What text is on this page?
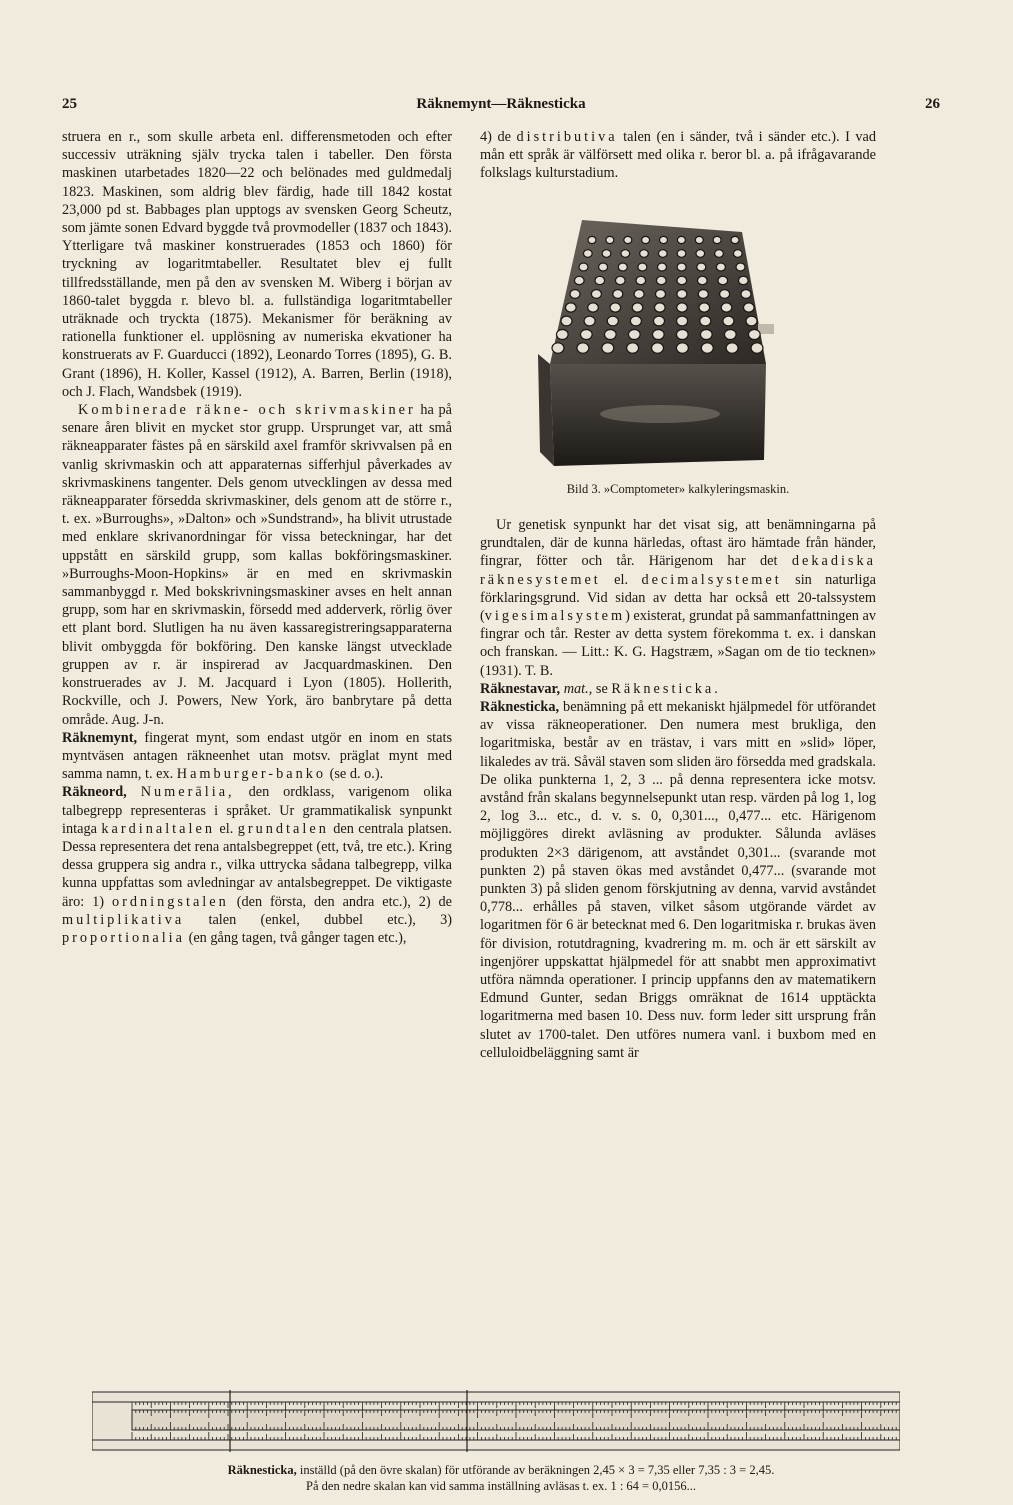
25	Räknemynt—Räknesticka	26

struera en r., som skulle arbeta enl. differensmetoden och efter successiv uträkning själv trycka talen i tabeller. Den första maskinen utarbetades 1820—22 och belönades med guldmedalj 1823. Maskinen, som aldrig blev färdig, hade till 1842 kostat 23,000 pd st. Babbages plan upptogs av svensken Georg Scheutz, som jämte sonen Edvard byggde två provmodeller (1837 och 1843). Ytterligare två maskiner konstruerades (1853 och 1860) för tryckning av logaritmtabeller. Resultatet blev ej fullt tillfredsställande, men på den av svensken M. Wiberg i början av 1860-talet byggda r. blevo bl. a. fullständiga logaritmtabeller uträknade och tryckta (1875). Mekanismer för beräkning av rationella funktioner el. upplösning av numeriska ekvationer ha konstruerats av F. Guarducci (1892), Leonardo Torres (1895), G. B. Grant (1896), H. Koller, Kassel (1912), A. Barren, Berlin (1918), och J. Flach, Wandsbek (1919).

Kombinerade räkne- och skrivmaskiner ha på senare åren blivit en mycket stor grupp. Ursprunget var, att små räkneapparater fästes på en särskild axel framför skrivvalsen på en vanlig skrivmaskin och att apparaternas sifferhjul påverkades av skrivmaskinens tangenter. Dels genom utvecklingen av dessa med räkneapparater försedda skrivmaskiner, dels genom att de större r., t. ex. »Burroughs», »Dalton» och »Sundstrand», ha blivit utrustade med enklare skrivanordningar för vissa beteckningar, har det uppstått en särskild grupp, som kallas bokföringsmaskiner. »Burroughs-Moon-Hopkins» är en med en skrivmaskin sammanbyggd r. Med bokskrivningsmaskiner avses en helt annan grupp, som har en skrivmaskin, försedd med adderverk, rörlig över ett plant bord. Slutligen ha nu även kassaregistreringsapparaterna blivit ombyggda för bokföring. Den kanske längst utvecklade gruppen av r. är inspirerad av Jacquardmaskinen. Den konstruerades av J. M. Jacquard i Lyon (1805). Hollerith, Rockville, och J. Powers, New York, äro banbrytare på detta område. Aug. J-n.

Räknemynt, fingerat mynt, som endast utgör en inom en stats myntväsen antagen räkneenhet utan motsv. präglat mynt med samma namn, t. ex. Hamburger-banko (se d. o.).

Räkneord, Numerālia, den ordklass, varigenom olika talbegrepp representeras i språket. Ur grammatikalisk synpunkt intaga kardinaltalen el. grundtalen den centrala platsen. Dessa representera det rena antalsbegreppet (ett, två, tre etc.). Kring dessa gruppera sig andra r., vilka uttrycka sådana talbegrepp, vilka kunna uppfattas som avledningar av antalsbegreppet. De viktigaste äro: 1) ordningstalen (den första, den andra etc.), 2) de multiplikativa talen (enkel, dubbel etc.), 3) proportionalia (en gång tagen, två gånger tagen etc.),

4) de distributiva talen (en i sänder, två i sänder etc.). I vad mån ett språk är välförsett med olika r. beror bl. a. på ifrågavarande folkslags kulturstadium.

Bild 3. »Comptometer» kalkyleringsmaskin.

Ur genetisk synpunkt har det visat sig, att benämningarna på grundtalen, där de kunna härledas, oftast äro hämtade från händer, fingrar, fötter och tår. Härigenom har det dekadiska räknesystemet el. decimalsystemet sin naturliga förklaringsgrund. Vid sidan av detta har också ett 20-talssystem (vigesimalsystem) existerat, grundat på sammanfattningen av fingrar och tår. Rester av detta system förekomma t. ex. i danskan och franskan. — Litt.: K. G. Hagstræm, »Sagan om de tio tecknen» (1931). T. B.

Räknestavar, mat., se Räknesticka.

Räknesticka, benämning på ett mekaniskt hjälpmedel för utförandet av vissa räkneoperationer. Den numera mest brukliga, den logaritmiska, består av en trästav, i vars mitt en »slid» löper, likaledes av trä. Såväl staven som sliden äro försedda med gradskala. De olika punkterna 1, 2, 3 ... på denna representera icke motsv. avstånd från skalans begynnelsepunkt utan resp. värden på log 1, log 2, log 3... etc., d. v. s. 0, 0,301..., 0,477... etc. Härigenom möjliggöres direkt avläsning av produkter. Sålunda avläses produkten 2×3 därigenom, att avståndet 0,301... (svarande mot punkten 2) på staven ökas med avståndet 0,477... (svarande mot punkten 3) på sliden genom förskjutning av denna, varvid avståndet 0,778... erhålles på staven, vilket såsom utgörande värdet av logaritmen för 6 är betecknat med 6. Den logaritmiska r. brukas även för division, rotutdragning, kvadrering m. m. och är ett särskilt av ingenjörer uppskattat hjälpmedel för att snabbt men approximativt utföra nämnda operationer. I princip uppfanns den av matematikern Edmund Gunter, sedan Briggs omräknat de 1614 upptäckta logaritmerna med basen 10. Dess nuv. form leder sitt ursprung från slutet av 1700-talet. Den utföres numera vanl. i buxbom med en celluloidbeläggning samt är

Räknesticka, inställd (på den övre skalan) för utförande av beräkningen 2,45 × 3 = 7,35 eller 7,35 : 3 = 2,45.
På den nedre skalan kan vid samma inställning avläsas t. ex. 1 : 64 = 0,0156...
